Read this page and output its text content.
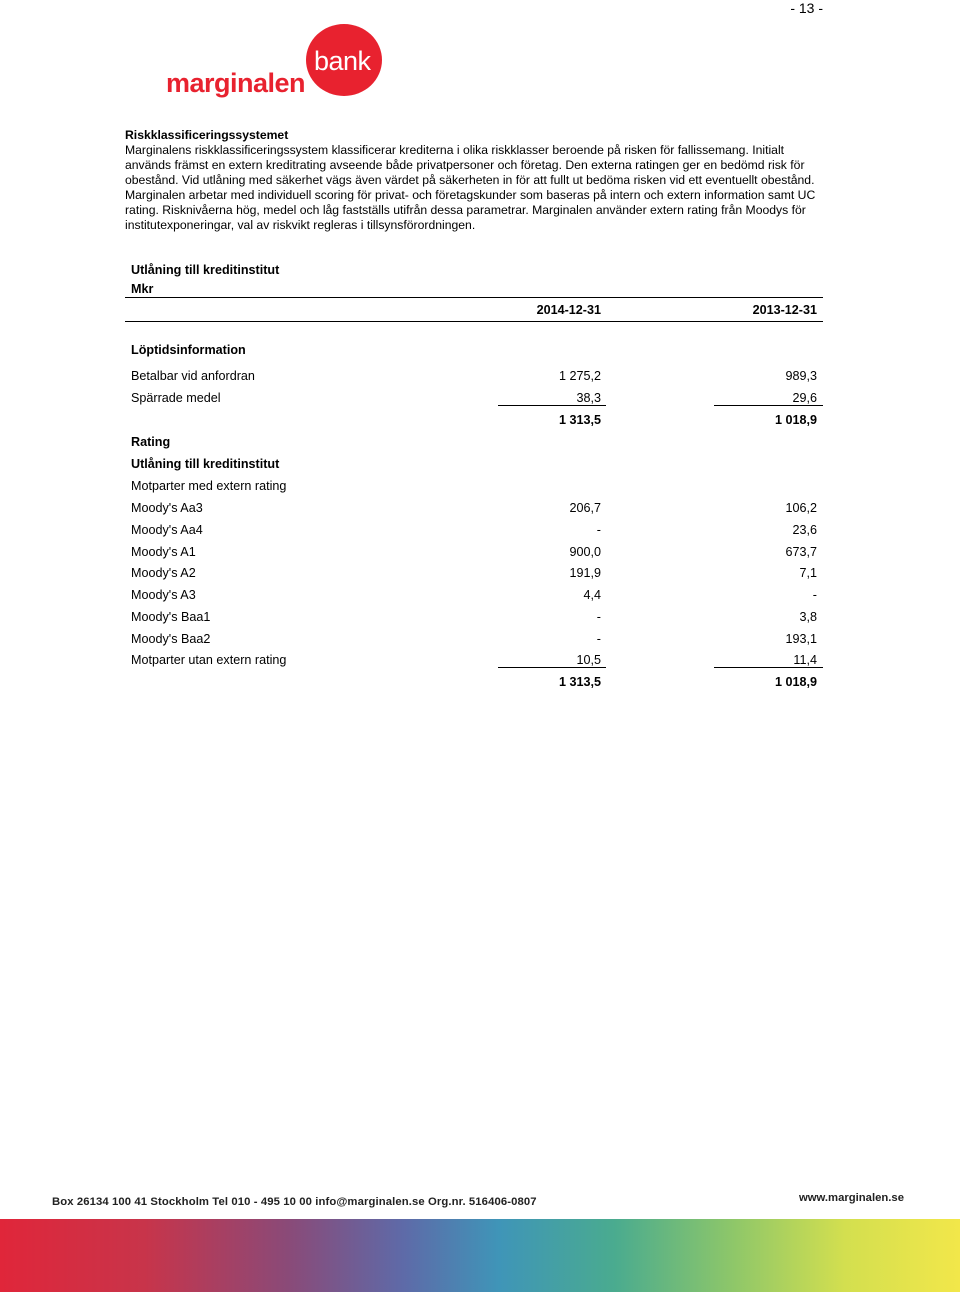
- 13 -
marginalen
bank
Riskklassificeringssystemet

Marginalens riskklassificeringssystem klassificerar krediterna i olika riskklasser beroende på risken för fallissemang. Initialt används främst en extern kreditrating avseende både privatpersoner och företag. Den externa ratingen ger en bedömd risk för obestånd. Vid utlåning med säkerhet vägs även värdet på säkerheten in för att fullt ut bedöma risken vid ett eventuellt obestånd. Marginalen arbetar med individuell scoring för privat- och företagskunder som baseras på intern och extern information samt UC rating. Risknivåerna hög, medel och låg fastställs utifrån dessa parametrar. Marginalen använder extern rating från Moodys för institutexponeringar, val av riskvikt regleras i tillsynsförordningen.

Utlåning till kreditinstitut
Mkr
2014-12-31	2013-12-31
Löptidsinformation
Betalbar vid anfordran	1 275,2	989,3
Spärrade medel	38,3	29,6
1 313,5	1 018,9
Rating
Utlåning till kreditinstitut
Motparter med extern rating
Moody's Aa3	206,7	106,2
Moody's Aa4	-	23,6
Moody's A1	900,0	673,7
Moody's A2	191,9	7,1
Moody's A3	4,4	-
Moody's Baa1	-	3,8
Moody's Baa2	-	193,1
Motparter utan extern rating	10,5	11,4
1 313,5	1 018,9
Box 26134 100 41 Stockholm Tel 010 - 495 10 00 info@marginalen.se Org.nr. 516406-0807	www.marginalen.se
